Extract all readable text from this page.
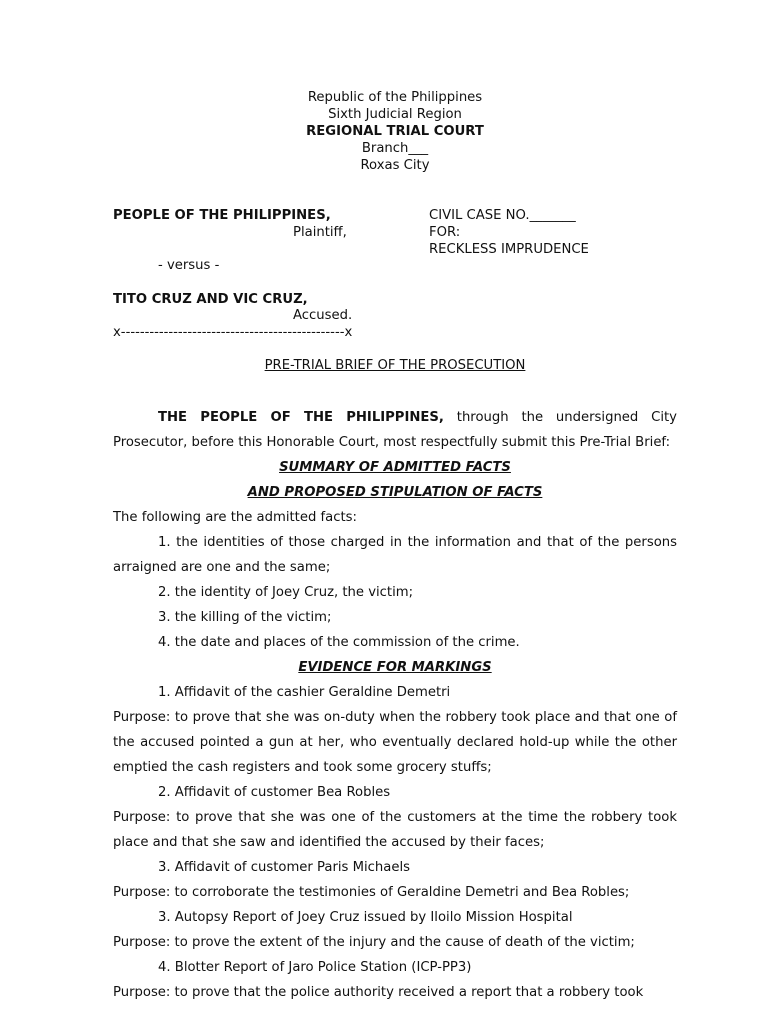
Republic of the Philippines
Sixth Judicial Region
REGIONAL TRIAL COURT
Branch___
Roxas City
PEOPLE OF THE PHILIPPINES,
Plaintiff,
- versus -
TITO CRUZ AND VIC CRUZ,
Accused.
x-----------------------------------------------x
CIVIL CASE NO._______
FOR:
RECKLESS IMPRUDENCE
PRE-TRIAL BRIEF OF THE PROSECUTION

THE PEOPLE OF THE PHILIPPINES, through the undersigned City Prosecutor, before this Honorable Court, most respectfully submit this Pre-Trial Brief:

SUMMARY OF ADMITTED FACTS

AND PROPOSED STIPULATION OF FACTS

The following are the admitted facts:

1. the identities of those charged in the information and that of the persons arraigned are one and the same;

2. the identity of Joey Cruz, the victim;

3. the killing of the victim;

4. the date and places of the commission of the crime.

EVIDENCE FOR MARKINGS

1. Affidavit of the cashier Geraldine Demetri

Purpose: to prove that she was on-duty when the robbery took place and that one of the accused pointed a gun at her, who eventually declared hold-up while the other emptied the cash registers and took some grocery stuffs;

2. Affidavit of customer Bea Robles

Purpose: to prove that she was one of the customers at the time the robbery took place and that she saw and identified the accused by their faces;

3. Affidavit of customer Paris Michaels

Purpose: to corroborate the testimonies of Geraldine Demetri and Bea Robles;

3. Autopsy Report of Joey Cruz issued by Iloilo Mission Hospital

Purpose: to prove the extent of the injury and the cause of death of the victim;

4. Blotter Report of Jaro Police Station (ICP-PP3)

Purpose: to prove that the police authority received a report that a robbery took
